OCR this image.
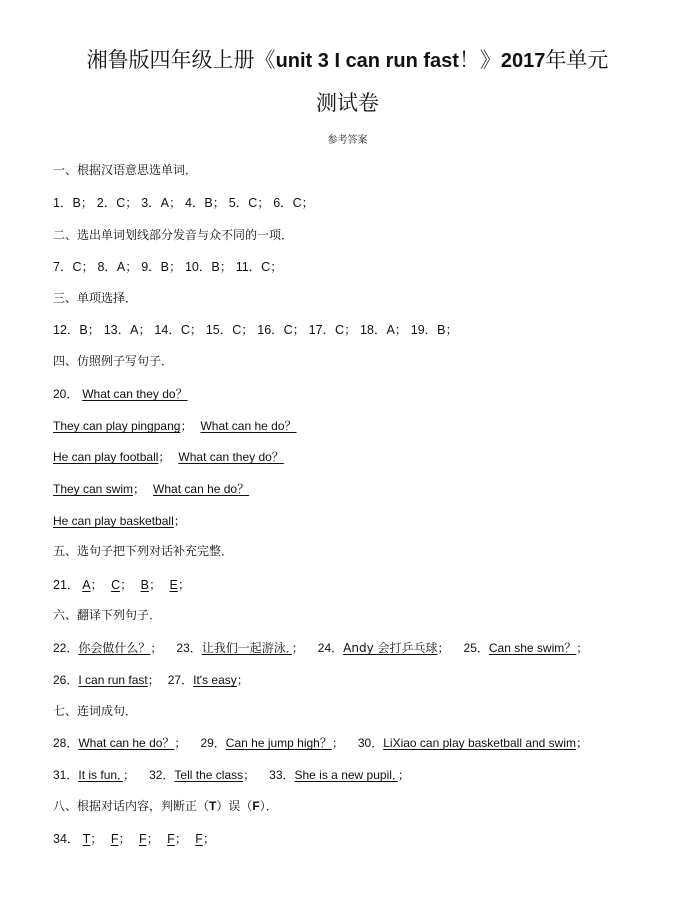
湘鲁版四年级上册《unit 3 I can run fast！》2017年单元
测试卷
参考答案
一、根据汉语意思选单词．
1．B； 2．C； 3．A； 4．B； 5．C； 6．C；
二、选出单词划线部分发音与众不同的一项．
7．C； 8．A； 9．B； 10．B； 11．C；
三、单项选择．
12．B； 13．A； 14．C； 15．C； 16．C； 17．C； 18．A； 19．B；
四、仿照例子写句子．
20． What can they do？
They can play pingpang； What can he do？
He can play football； What can they do？
They can swim； What can he do？
He can play basketball；
五、选句子把下列对话补充完整．
21． A； C； B； E；
六、翻译下列句子．
22．你会做什么？； 23．让我们一起游泳．； 24．Andy 会打乒乓球； 25．Can she swim？；
26．I can run fast； 27．It's easy；
七、连词成句．
28．What can he do？； 29．Can he jump high？； 30．LiXiao can play basketball and swim；
31．It is fun．； 32．Tell the class； 33．She is a new pupil．；
八、根据对话内容，判断正（T）误（F）．
34． T； F； F； F； F；
